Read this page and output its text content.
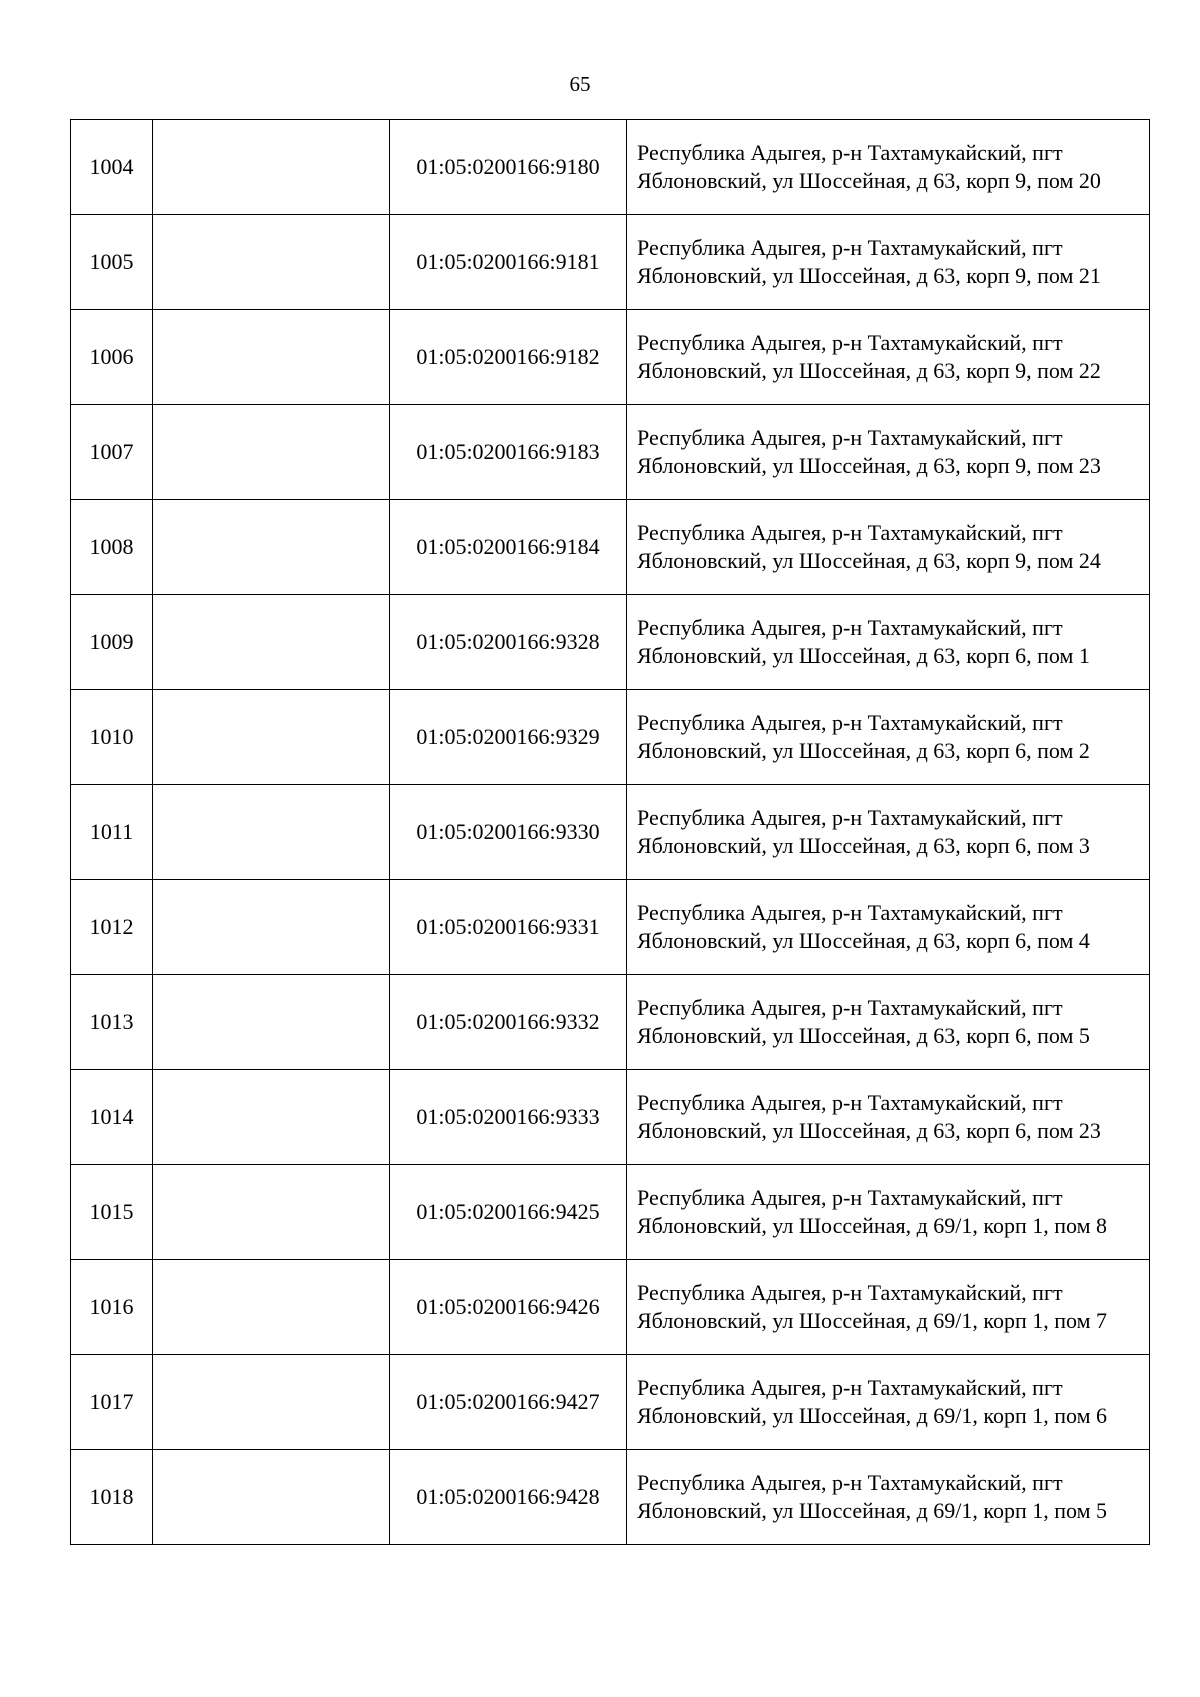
65
1004		01:05:0200166:9180	Республика Адыгея, р-н Тахтамукайский, пгт Яблоновский, ул Шоссейная, д 63, корп 9, пом 20
1005		01:05:0200166:9181	Республика Адыгея, р-н Тахтамукайский, пгт Яблоновский, ул Шоссейная, д 63, корп 9, пом 21
1006		01:05:0200166:9182	Республика Адыгея, р-н Тахтамукайский, пгт Яблоновский, ул Шоссейная, д 63, корп 9, пом 22
1007		01:05:0200166:9183	Республика Адыгея, р-н Тахтамукайский, пгт Яблоновский, ул Шоссейная, д 63, корп 9, пом 23
1008		01:05:0200166:9184	Республика Адыгея, р-н Тахтамукайский, пгт Яблоновский, ул Шоссейная, д 63, корп 9, пом 24
1009		01:05:0200166:9328	Республика Адыгея, р-н Тахтамукайский, пгт Яблоновский, ул Шоссейная, д 63, корп 6, пом 1
1010		01:05:0200166:9329	Республика Адыгея, р-н Тахтамукайский, пгт Яблоновский, ул Шоссейная, д 63, корп 6, пом 2
1011		01:05:0200166:9330	Республика Адыгея, р-н Тахтамукайский, пгт Яблоновский, ул Шоссейная, д 63, корп 6, пом 3
1012		01:05:0200166:9331	Республика Адыгея, р-н Тахтамукайский, пгт Яблоновский, ул Шоссейная, д 63, корп 6, пом 4
1013		01:05:0200166:9332	Республика Адыгея, р-н Тахтамукайский, пгт Яблоновский, ул Шоссейная, д 63, корп 6, пом 5
1014		01:05:0200166:9333	Республика Адыгея, р-н Тахтамукайский, пгт Яблоновский, ул Шоссейная, д 63, корп 6, пом 23
1015		01:05:0200166:9425	Республика Адыгея, р-н Тахтамукайский, пгт Яблоновский, ул Шоссейная, д 69/1, корп 1, пом 8
1016		01:05:0200166:9426	Республика Адыгея, р-н Тахтамукайский, пгт Яблоновский, ул Шоссейная, д 69/1, корп 1, пом 7
1017		01:05:0200166:9427	Республика Адыгея, р-н Тахтамукайский, пгт Яблоновский, ул Шоссейная, д 69/1, корп 1, пом 6
1018		01:05:0200166:9428	Республика Адыгея, р-н Тахтамукайский, пгт Яблоновский, ул Шоссейная, д 69/1, корп 1, пом 5
